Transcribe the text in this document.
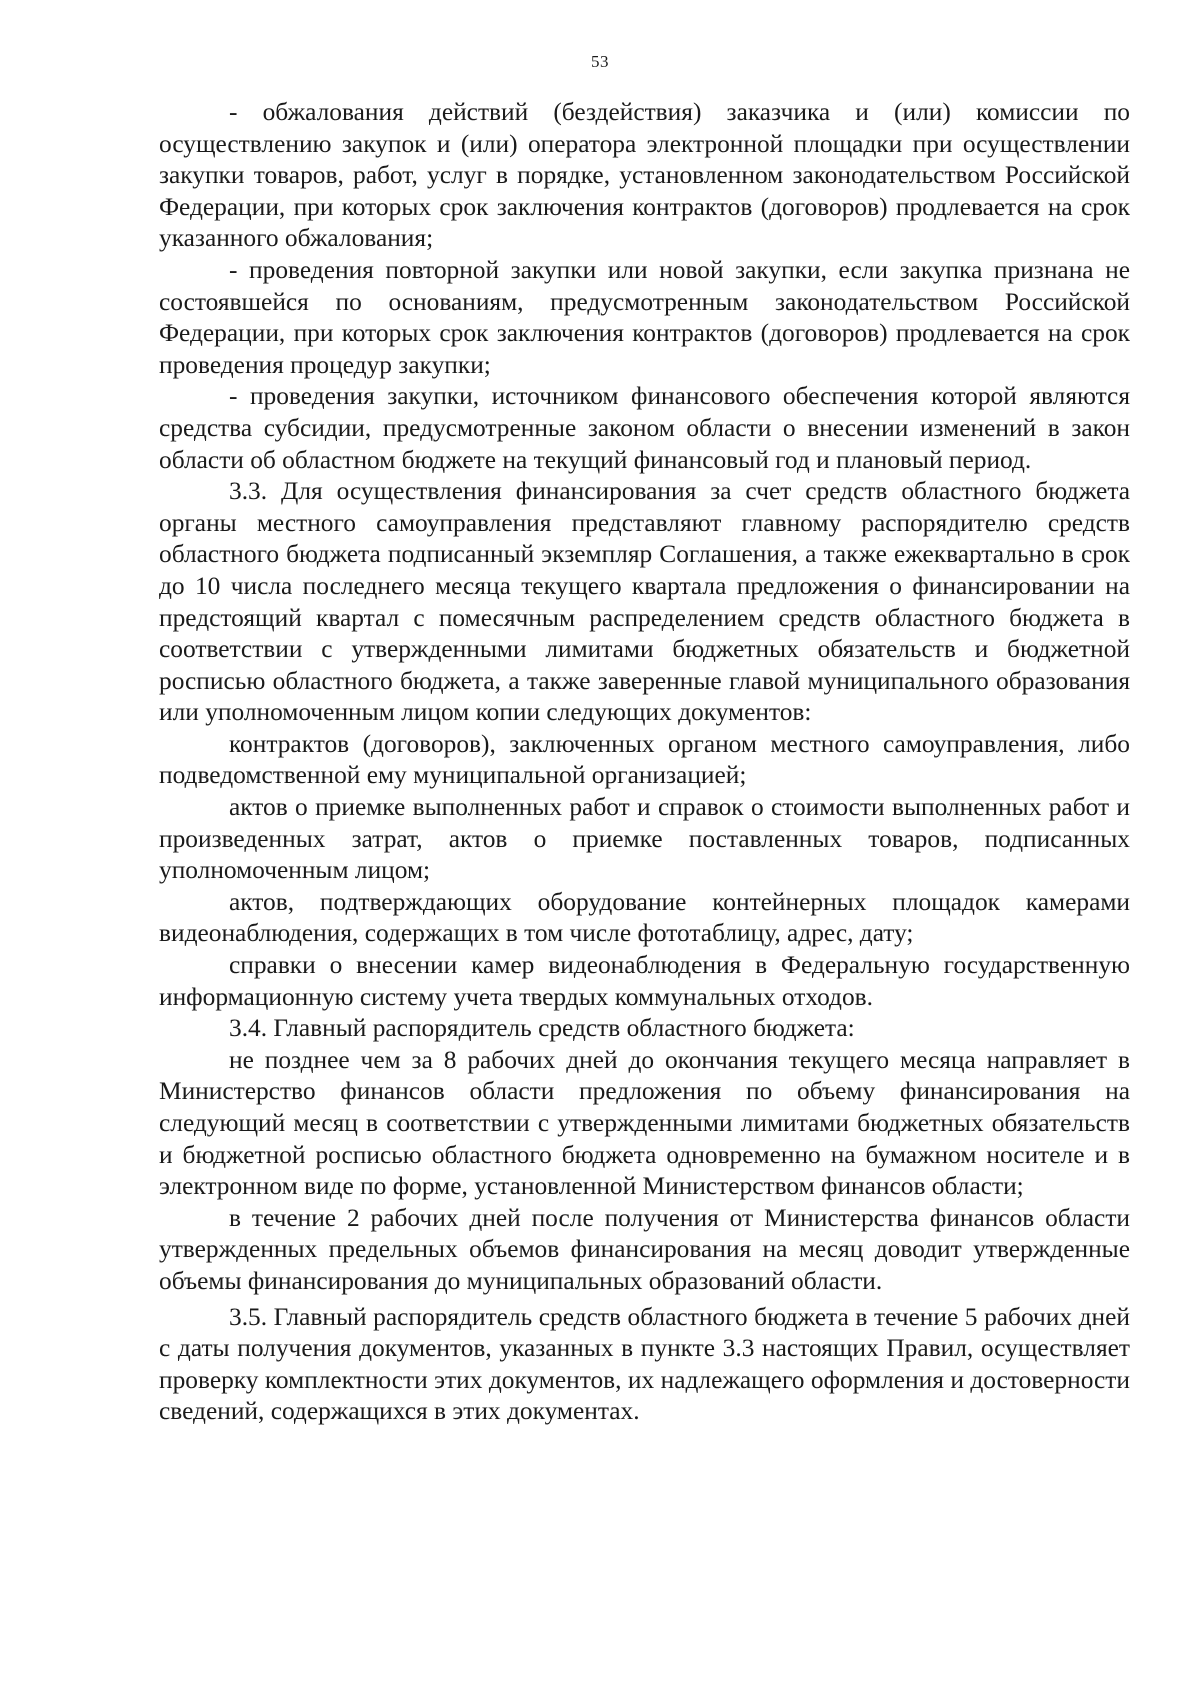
53

- обжалования действий (бездействия) заказчика и (или) комиссии по осуществлению закупок и (или) оператора электронной площадки при осуществлении закупки товаров, работ, услуг в порядке, установленном законодательством Российской Федерации, при которых срок заключения контрактов (договоров) продлевается на срок указанного обжалования;

- проведения повторной закупки или новой закупки, если закупка признана не состоявшейся по основаниям, предусмотренным законодательством Российской Федерации, при которых срок заключения контрактов (договоров) продлевается на срок проведения процедур закупки;

- проведения закупки, источником финансового обеспечения которой являются средства субсидии, предусмотренные законом области о внесении изменений в закон области об областном бюджете на текущий финансовый год и плановый период.

3.3. Для осуществления финансирования за счет средств областного бюджета органы местного самоуправления представляют главному распорядителю средств областного бюджета подписанный экземпляр Соглашения, а также ежеквартально в срок до 10 числа последнего месяца текущего квартала предложения о финансировании на предстоящий квартал с помесячным распределением средств областного бюджета в соответствии с утвержденными лимитами бюджетных обязательств и бюджетной росписью областного бюджета, а также заверенные главой муниципального образования или уполномоченным лицом копии следующих документов:

контрактов (договоров), заключенных органом местного самоуправления, либо подведомственной ему муниципальной организацией;

актов о приемке выполненных работ и справок о стоимости выполненных работ и произведенных затрат, актов о приемке поставленных товаров, подписанных уполномоченным лицом;

актов, подтверждающих оборудование контейнерных площадок камерами видеонаблюдения, содержащих в том числе фототаблицу, адрес, дату;

справки о внесении камер видеонаблюдения в Федеральную государственную информационную систему учета твердых коммунальных отходов.

3.4. Главный распорядитель средств областного бюджета:

не позднее чем за 8 рабочих дней до окончания текущего месяца направляет в Министерство финансов области предложения по объему финансирования на следующий месяц в соответствии с утвержденными лимитами бюджетных обязательств и бюджетной росписью областного бюджета одновременно на бумажном носителе и в электронном виде по форме, установленной Министерством финансов области;

в течение 2 рабочих дней после получения от Министерства финансов области утвержденных предельных объемов финансирования на месяц доводит утвержденные объемы финансирования до муниципальных образований области.

3.5. Главный распорядитель средств областного бюджета в течение 5 рабочих дней с даты получения документов, указанных в пункте 3.3 настоящих Правил, осуществляет проверку комплектности этих документов, их надлежащего оформления и достоверности сведений, содержащихся в этих документах.
